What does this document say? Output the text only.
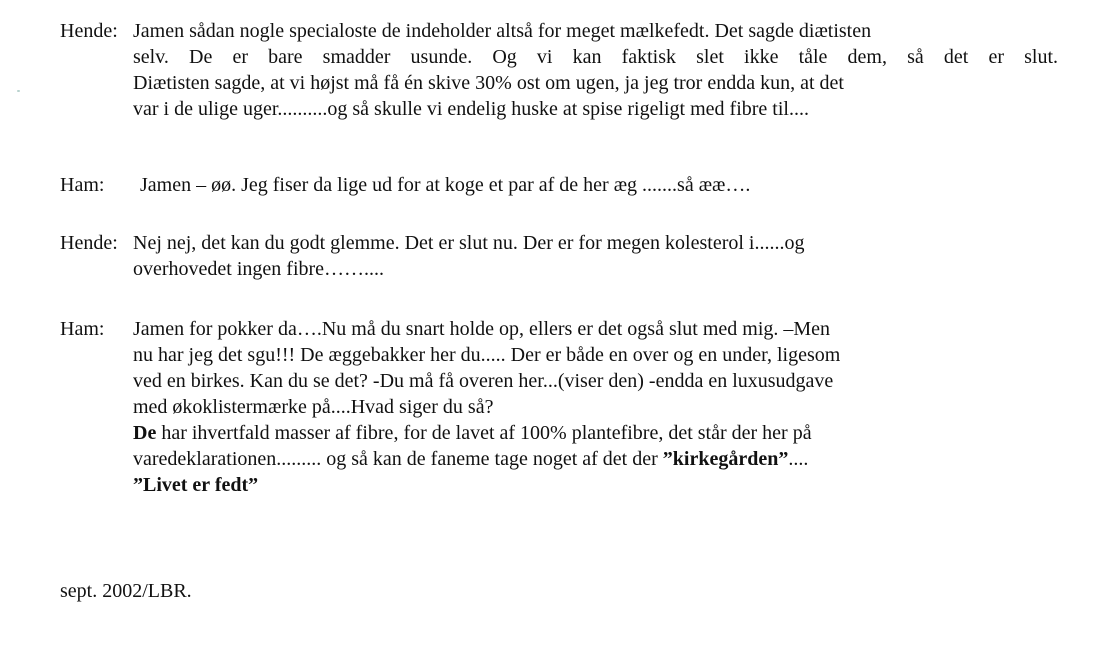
Hende: Jamen sådan nogle specialoste de indeholder altså for meget mælkefedt. Det sagde diætisten
selv. De er bare smadder usunde. Og vi kan faktisk slet ikke tåle dem, så det er slut.
Diætisten sagde, at vi højst må få én skive 30% ost om ugen, ja jeg tror endda kun, at det
var i de ulige uger..........og så skulle vi endelig huske at spise rigeligt med fibre til....
Ham: Jamen – øø. Jeg fiser da lige ud for at koge et par af de her æg .......så ææ….
Hende: Nej nej, det kan du godt glemme. Det er slut nu. Der er for megen kolesterol i......og
overhovedet ingen fibre……....
Ham: Jamen for pokker da….Nu må du snart holde op, ellers er det også slut med mig. –Men
nu har jeg det sgu!!! De æggebakker her du..... Der er både en over og en under, ligesom
ved en birkes. Kan du se det? -Du må få overen her...(viser den) -endda en luxusudgave
med økoklistermærke på....Hvad siger du så?
De har ihvertfald masser af fibre, for de lavet af 100% plantefibre, det står der her på
varedeklarationen......... og så kan de faneme tage noget af det der ”kirkegården”....
”Livet er fedt”
sept. 2002/LBR.
